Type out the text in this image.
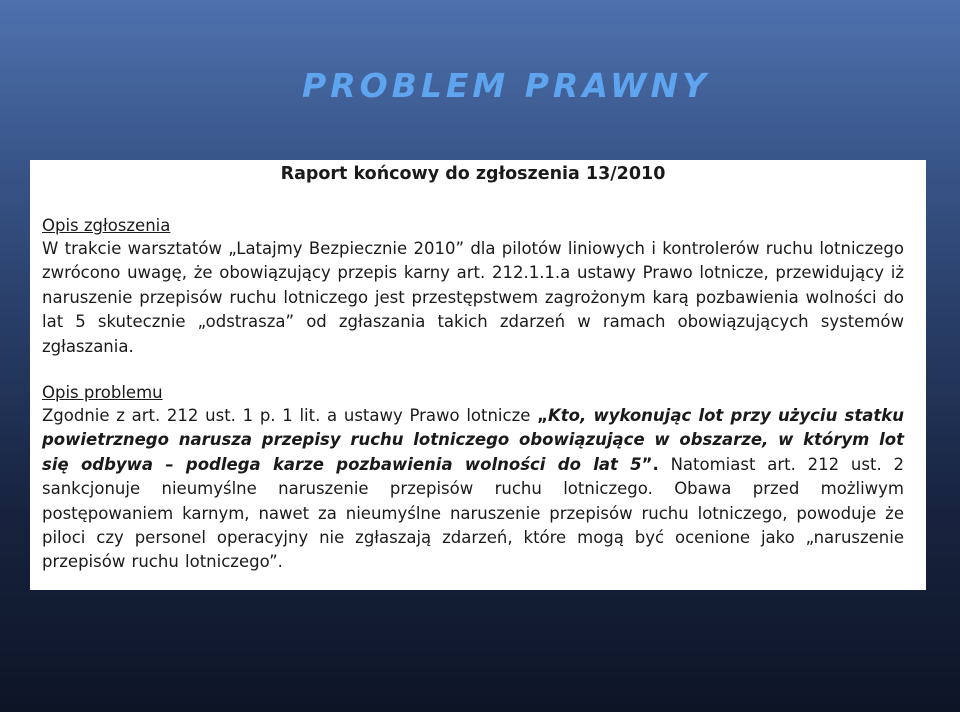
PROBLEM PRAWNY

Raport końcowy do zgłoszenia 13/2010

Opis zgłoszenia

W trakcie warsztatów „Latajmy Bezpiecznie 2010” dla pilotów liniowych i kontrolerów ruchu lotniczego zwrócono uwagę, że obowiązujący przepis karny art. 212.1.1.a ustawy Prawo lotnicze, przewidujący iż naruszenie przepisów ruchu lotniczego jest przestępstwem zagrożonym karą pozbawienia wolności do lat 5 skutecznie „odstrasza” od zgłaszania takich zdarzeń w ramach obowiązujących systemów zgłaszania.

Opis problemu

Zgodnie z art. 212 ust. 1 p. 1 lit. a ustawy Prawo lotnicze „Kto, wykonując lot przy użyciu statku powietrznego narusza przepisy ruchu lotniczego obowiązujące w obszarze, w którym lot się odbywa – podlega karze pozbawienia wolności do lat 5”. Natomiast art. 212 ust. 2 sankcjonuje nieumyślne naruszenie przepisów ruchu lotniczego. Obawa przed możliwym postępowaniem karnym, nawet za nieumyślne naruszenie przepisów ruchu lotniczego, powoduje że piloci czy personel operacyjny nie zgłaszają zdarzeń, które mogą być ocenione jako „naruszenie przepisów ruchu lotniczego”.
